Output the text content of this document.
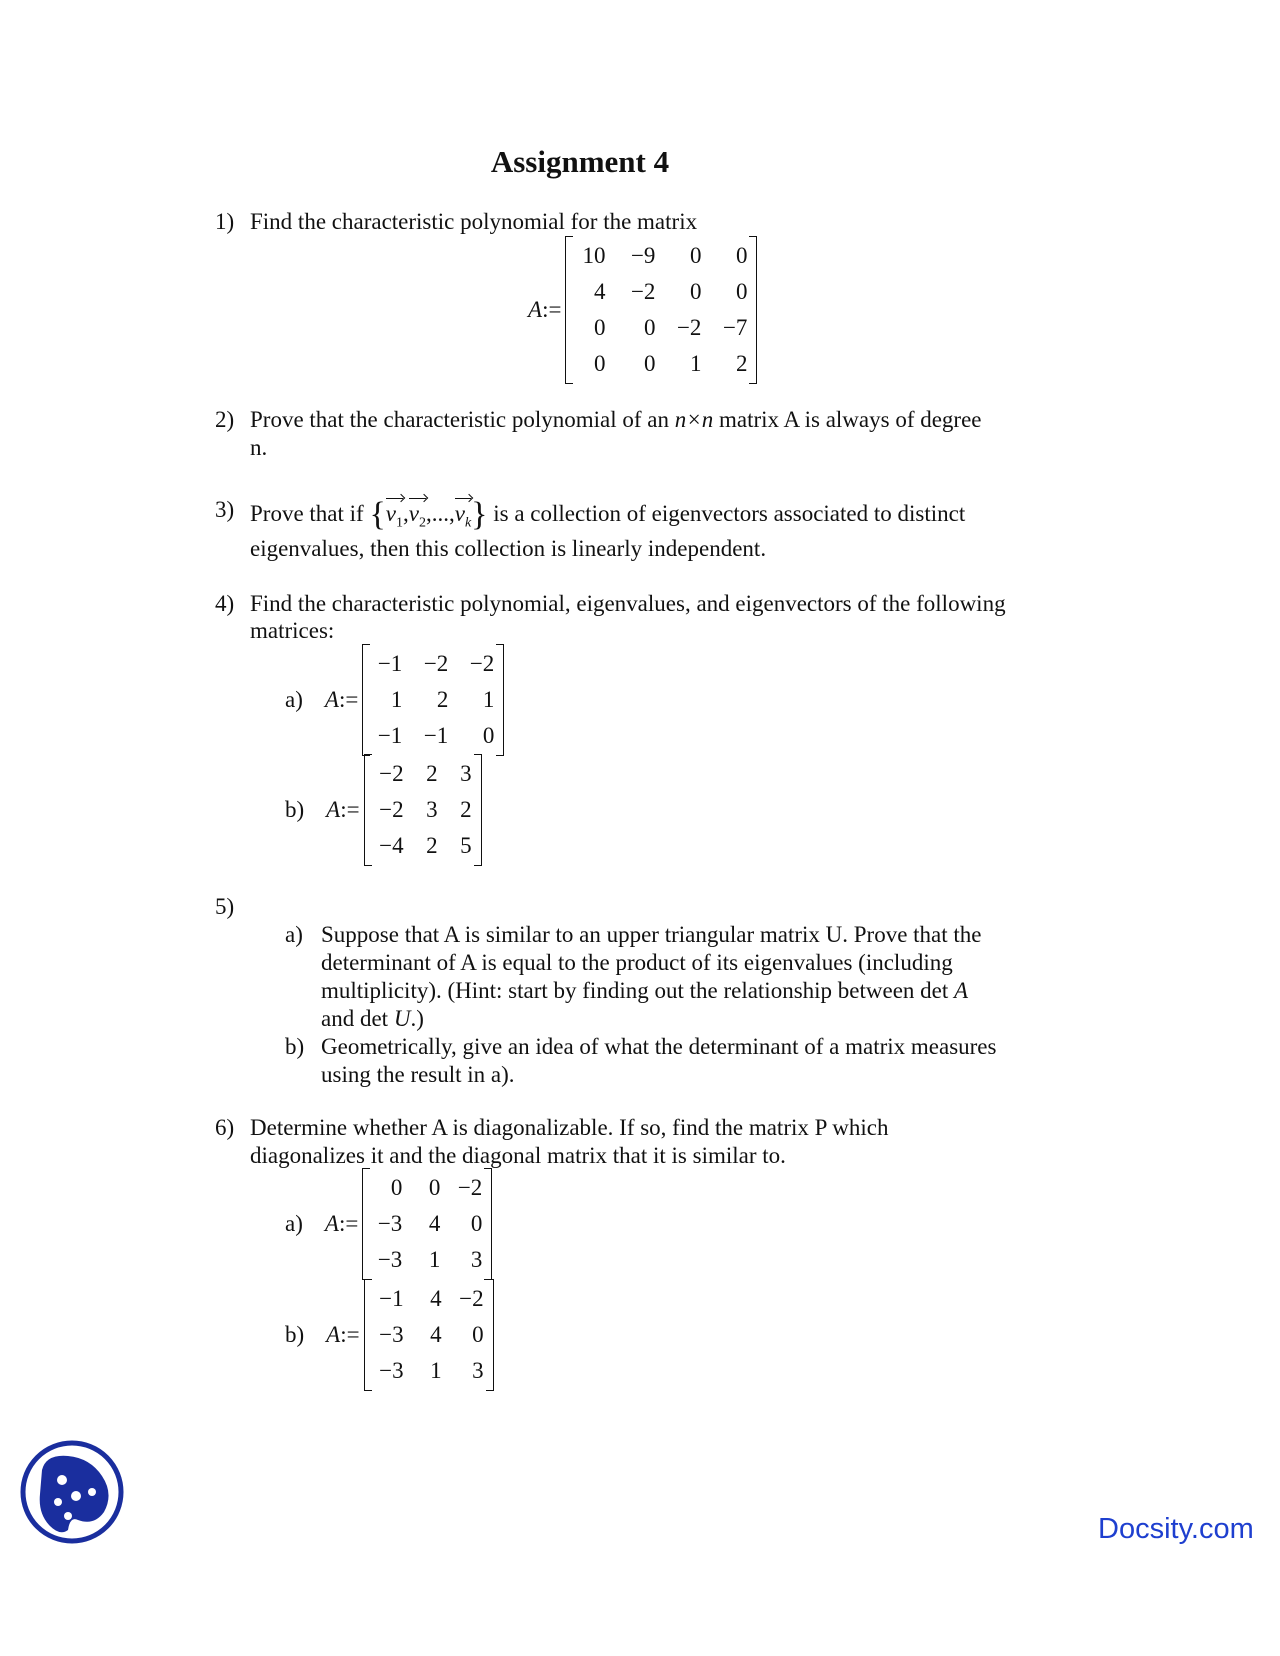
Assignment 4
1) Find the characteristic polynomial for the matrix
A:=
10	−9	0	0
4	−2	0	0
0	0 −2 −7
0	0	1	2
2) Prove that the characteristic polynomial of an n×n matrix A is always of degree
n.
3) Prove that if $\{v_1,v_2,...,v_k\}$ is a collection of eigenvectors associated to distinct
eigenvalues, then this collection is linearly independent.
4) Find the characteristic polynomial, eigenvalues, and eigenvectors of the following
matrices:
a) A:=
−1 −2 −2
1	2	1
−1 −1	0
b) A:=
−2 2 3
−2 3 2
−4 2 5
5)
a) Suppose that A is similar to an upper triangular matrix U. Prove that the
determinant of A is equal to the product of its eigenvalues (including
multiplicity). (Hint: start by finding out the relationship between det A
and det U.)
b) Geometrically, give an idea of what the determinant of a matrix measures
using the result in a).
6) Determine whether A is diagonalizable. If so, find the matrix P which
diagonalizes it and the diagonal matrix that it is similar to.
a) A:=
0	0 −2
−3	4	0
−3	1	3
b) A:=
−1	4 −2
−3	4	0
−3	1	3
Docsity.com
